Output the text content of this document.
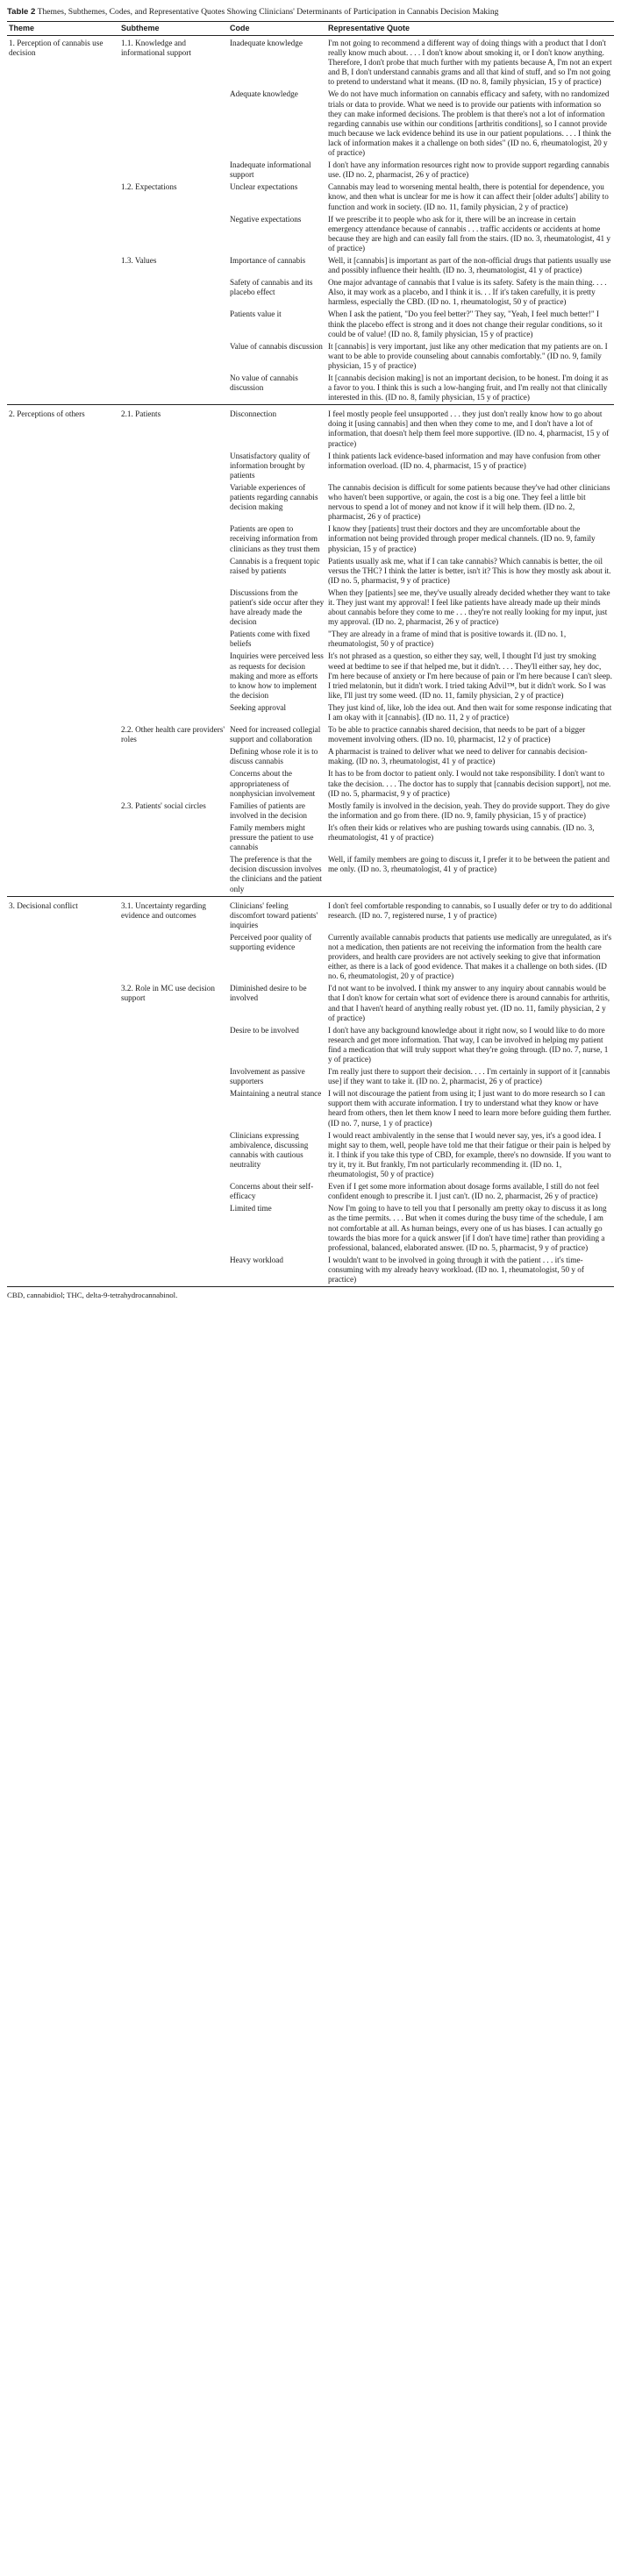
Table 2 Themes, Subthemes, Codes, and Representative Quotes Showing Clinicians' Determinants of Participation in Cannabis Decision Making

Theme	Subtheme	Code	Representative Quote
1. Perception of cannabis use decision	1.1. Knowledge and informational support	Inadequate knowledge	I'm not going to recommend a different way of doing things with a product that I don't really know much about. . . . I don't know about smoking it, or I don't know anything. Therefore, I don't probe that much further with my patients because A, I'm not an expert and B, I don't understand cannabis grams and all that kind of stuff, and so I'm not going to pretend to understand what it means. (ID no. 8, family physician, 15 y of practice)
		Adequate knowledge	We do not have much information on cannabis efficacy and safety, with no randomized trials or data to provide. What we need is to provide our patients with information so they can make informed decisions. The problem is that there's not a lot of information regarding cannabis use within our conditions [arthritis conditions], so I cannot provide much because we lack evidence behind its use in our patient populations. . . . I think the lack of information makes it a challenge on both sides" (ID no. 6, rheumatologist, 20 y of practice)
		Inadequate informational support	I don't have any information resources right now to provide support regarding cannabis use. (ID no. 2, pharmacist, 26 y of practice)
	1.2. Expectations	Unclear expectations	Cannabis may lead to worsening mental health, there is potential for dependence, you know, and then what is unclear for me is how it can affect their [older adults'] ability to function and work in society. (ID no. 11, family physician, 2 y of practice)
		Negative expectations	If we prescribe it to people who ask for it, there will be an increase in certain emergency attendance because of cannabis . . . traffic accidents or accidents at home because they are high and can easily fall from the stairs. (ID no. 3, rheumatologist, 41 y of practice)
	1.3. Values	Importance of cannabis	Well, it [cannabis] is important as part of the non-official drugs that patients usually use and possibly influence their health. (ID no. 3, rheumatologist, 41 y of practice)
		Safety of cannabis and its placebo effect	One major advantage of cannabis that I value is its safety. Safety is the main thing. . . . Also, it may work as a placebo, and I think it is. . . If it's taken carefully, it is pretty harmless, especially the CBD. (ID no. 1, rheumatologist, 50 y of practice)
		Patients value it	When I ask the patient, "Do you feel better?" They say, "Yeah, I feel much better!" I think the placebo effect is strong and it does not change their regular conditions, so it could be of value! (ID no. 8, family physician, 15 y of practice)
		Value of cannabis discussion	It [cannabis] is very important, just like any other medication that my patients are on. I want to be able to provide counseling about cannabis comfortably." (ID no. 9, family physician, 15 y of practice)
		No value of cannabis discussion	It [cannabis decision making] is not an important decision, to be honest. I'm doing it as a favor to you. I think this is such a low-hanging fruit, and I'm really not that clinically interested in this. (ID no. 8, family physician, 15 y of practice)
2. Perceptions of others	2.1. Patients	Disconnection	I feel mostly people feel unsupported . . . they just don't really know how to go about doing it [using cannabis] and then when they come to me, and I don't have a lot of information, that doesn't help them feel more supportive. (ID no. 4, pharmacist, 15 y of practice)
		Unsatisfactory quality of information brought by patients	I think patients lack evidence-based information and may have confusion from other information overload. (ID no. 4, pharmacist, 15 y of practice)
		Variable experiences of patients regarding cannabis decision making	The cannabis decision is difficult for some patients because they've had other clinicians who haven't been supportive, or again, the cost is a big one. They feel a little bit nervous to spend a lot of money and not know if it will help them. (ID no. 2, pharmacist, 26 y of practice)
		Patients are open to receiving information from clinicians as they trust them	I know they [patients] trust their doctors and they are uncomfortable about the information not being provided through proper medical channels. (ID no. 9, family physician, 15 y of practice)
		Cannabis is a frequent topic raised by patients	Patients usually ask me, what if I can take cannabis? Which cannabis is better, the oil versus the THC? I think the latter is better, isn't it? This is how they mostly ask about it. (ID no. 5, pharmacist, 9 y of practice)
		Discussions from the patient's side occur after they have already made the decision	When they [patients] see me, they've usually already decided whether they want to take it. They just want my approval! I feel like patients have already made up their minds about cannabis before they come to me . . . they're not really looking for my input, just my approval. (ID no. 2, pharmacist, 26 y of practice)
		Patients come with fixed beliefs	"They are already in a frame of mind that is positive towards it. (ID no. 1, rheumatologist, 50 y of practice)
		Inquiries were perceived less as requests for decision making and more as efforts to know how to implement the decision	It's not phrased as a question, so either they say, well, I thought I'd just try smoking weed at bedtime to see if that helped me, but it didn't. . . . They'll either say, hey doc, I'm here because of anxiety or I'm here because of pain or I'm here because I can't sleep. I tried melatonin, but it didn't work. I tried taking Advil™, but it didn't work. So I was like, I'll just try some weed. (ID no. 11, family physician, 2 y of practice)
		Seeking approval	They just kind of, like, lob the idea out. And then wait for some response indicating that I am okay with it [cannabis]. (ID no. 11, 2 y of practice)
	2.2. Other health care providers' roles	Need for increased collegial support and collaboration	To be able to practice cannabis shared decision, that needs to be part of a bigger movement involving others. (ID no. 10, pharmacist, 12 y of practice)
		Defining whose role it is to discuss cannabis	A pharmacist is trained to deliver what we need to deliver for cannabis decision-making. (ID no. 3, rheumatologist, 41 y of practice)
		Concerns about the appropriateness of nonphysician involvement	It has to be from doctor to patient only. I would not take responsibility. I don't want to take the decision. . . . The doctor has to supply that [cannabis decision support], not me. (ID no. 5, pharmacist, 9 y of practice)
	2.3. Patients' social circles	Families of patients are involved in the decision	Mostly family is involved in the decision, yeah. They do provide support. They do give the information and go from there. (ID no. 9, family physician, 15 y of practice)
		Family members might pressure the patient to use cannabis	It's often their kids or relatives who are pushing towards using cannabis. (ID no. 3, rheumatologist, 41 y of practice)
		The preference is that the decision discussion involves the clinicians and the patient only	Well, if family members are going to discuss it, I prefer it to be between the patient and me only. (ID no. 3, rheumatologist, 41 y of practice)
3. Decisional conflict	3.1. Uncertainty regarding evidence and outcomes	Clinicians' feeling discomfort toward patients' inquiries	I don't feel comfortable responding to cannabis, so I usually defer or try to do additional research. (ID no. 7, registered nurse, 1 y of practice)
		Perceived poor quality of supporting evidence	Currently available cannabis products that patients use medically are unregulated, as it's not a medication, then patients are not receiving the information from the health care providers, and health care providers are not actively seeking to give that information either, as there is a lack of good evidence. That makes it a challenge on both sides. (ID no. 6, rheumatologist, 20 y of practice)
	3.2. Role in MC use decision support	Diminished desire to be involved	I'd not want to be involved. I think my answer to any inquiry about cannabis would be that I don't know for certain what sort of evidence there is around cannabis for arthritis, and that I haven't heard of anything really robust yet. (ID no. 11, family physician, 2 y of practice)
		Desire to be involved	I don't have any background knowledge about it right now, so I would like to do more research and get more information. That way, I can be involved in helping my patient find a medication that will truly support what they're going through. (ID no. 7, nurse, 1 y of practice)
		Involvement as passive supporters	I'm really just there to support their decision. . . . I'm certainly in support of it [cannabis use] if they want to take it. (ID no. 2, pharmacist, 26 y of practice)
		Maintaining a neutral stance	I will not discourage the patient from using it; I just want to do more research so I can support them with accurate information. I try to understand what they know or have heard from others, then let them know I need to learn more before guiding them further. (ID no. 7, nurse, 1 y of practice)
		Clinicians expressing ambivalence, discussing cannabis with cautious neutrality	I would react ambivalently in the sense that I would never say, yes, it's a good idea. I might say to them, well, people have told me that their fatigue or their pain is helped by it. I think if you take this type of CBD, for example, there's no downside. If you want to try it, try it. But frankly, I'm not particularly recommending it. (ID no. 1, rheumatologist, 50 y of practice)
		Concerns about their self-efficacy	Even if I get some more information about dosage forms available, I still do not feel confident enough to prescribe it. I just can't. (ID no. 2, pharmacist, 26 y of practice)
		Limited time	Now I'm going to have to tell you that I personally am pretty okay to discuss it as long as the time permits. . . . But when it comes during the busy time of the schedule, I am not comfortable at all. As human beings, every one of us has biases. I can actually go towards the bias more for a quick answer [if I don't have time] rather than providing a professional, balanced, elaborated answer. (ID no. 5, pharmacist, 9 y of practice)
		Heavy workload	I wouldn't want to be involved in going through it with the patient . . . it's time-consuming with my already heavy workload. (ID no. 1, rheumatologist, 50 y of practice)

CBD, cannabidiol; THC, delta-9-tetrahydrocannabinol.
